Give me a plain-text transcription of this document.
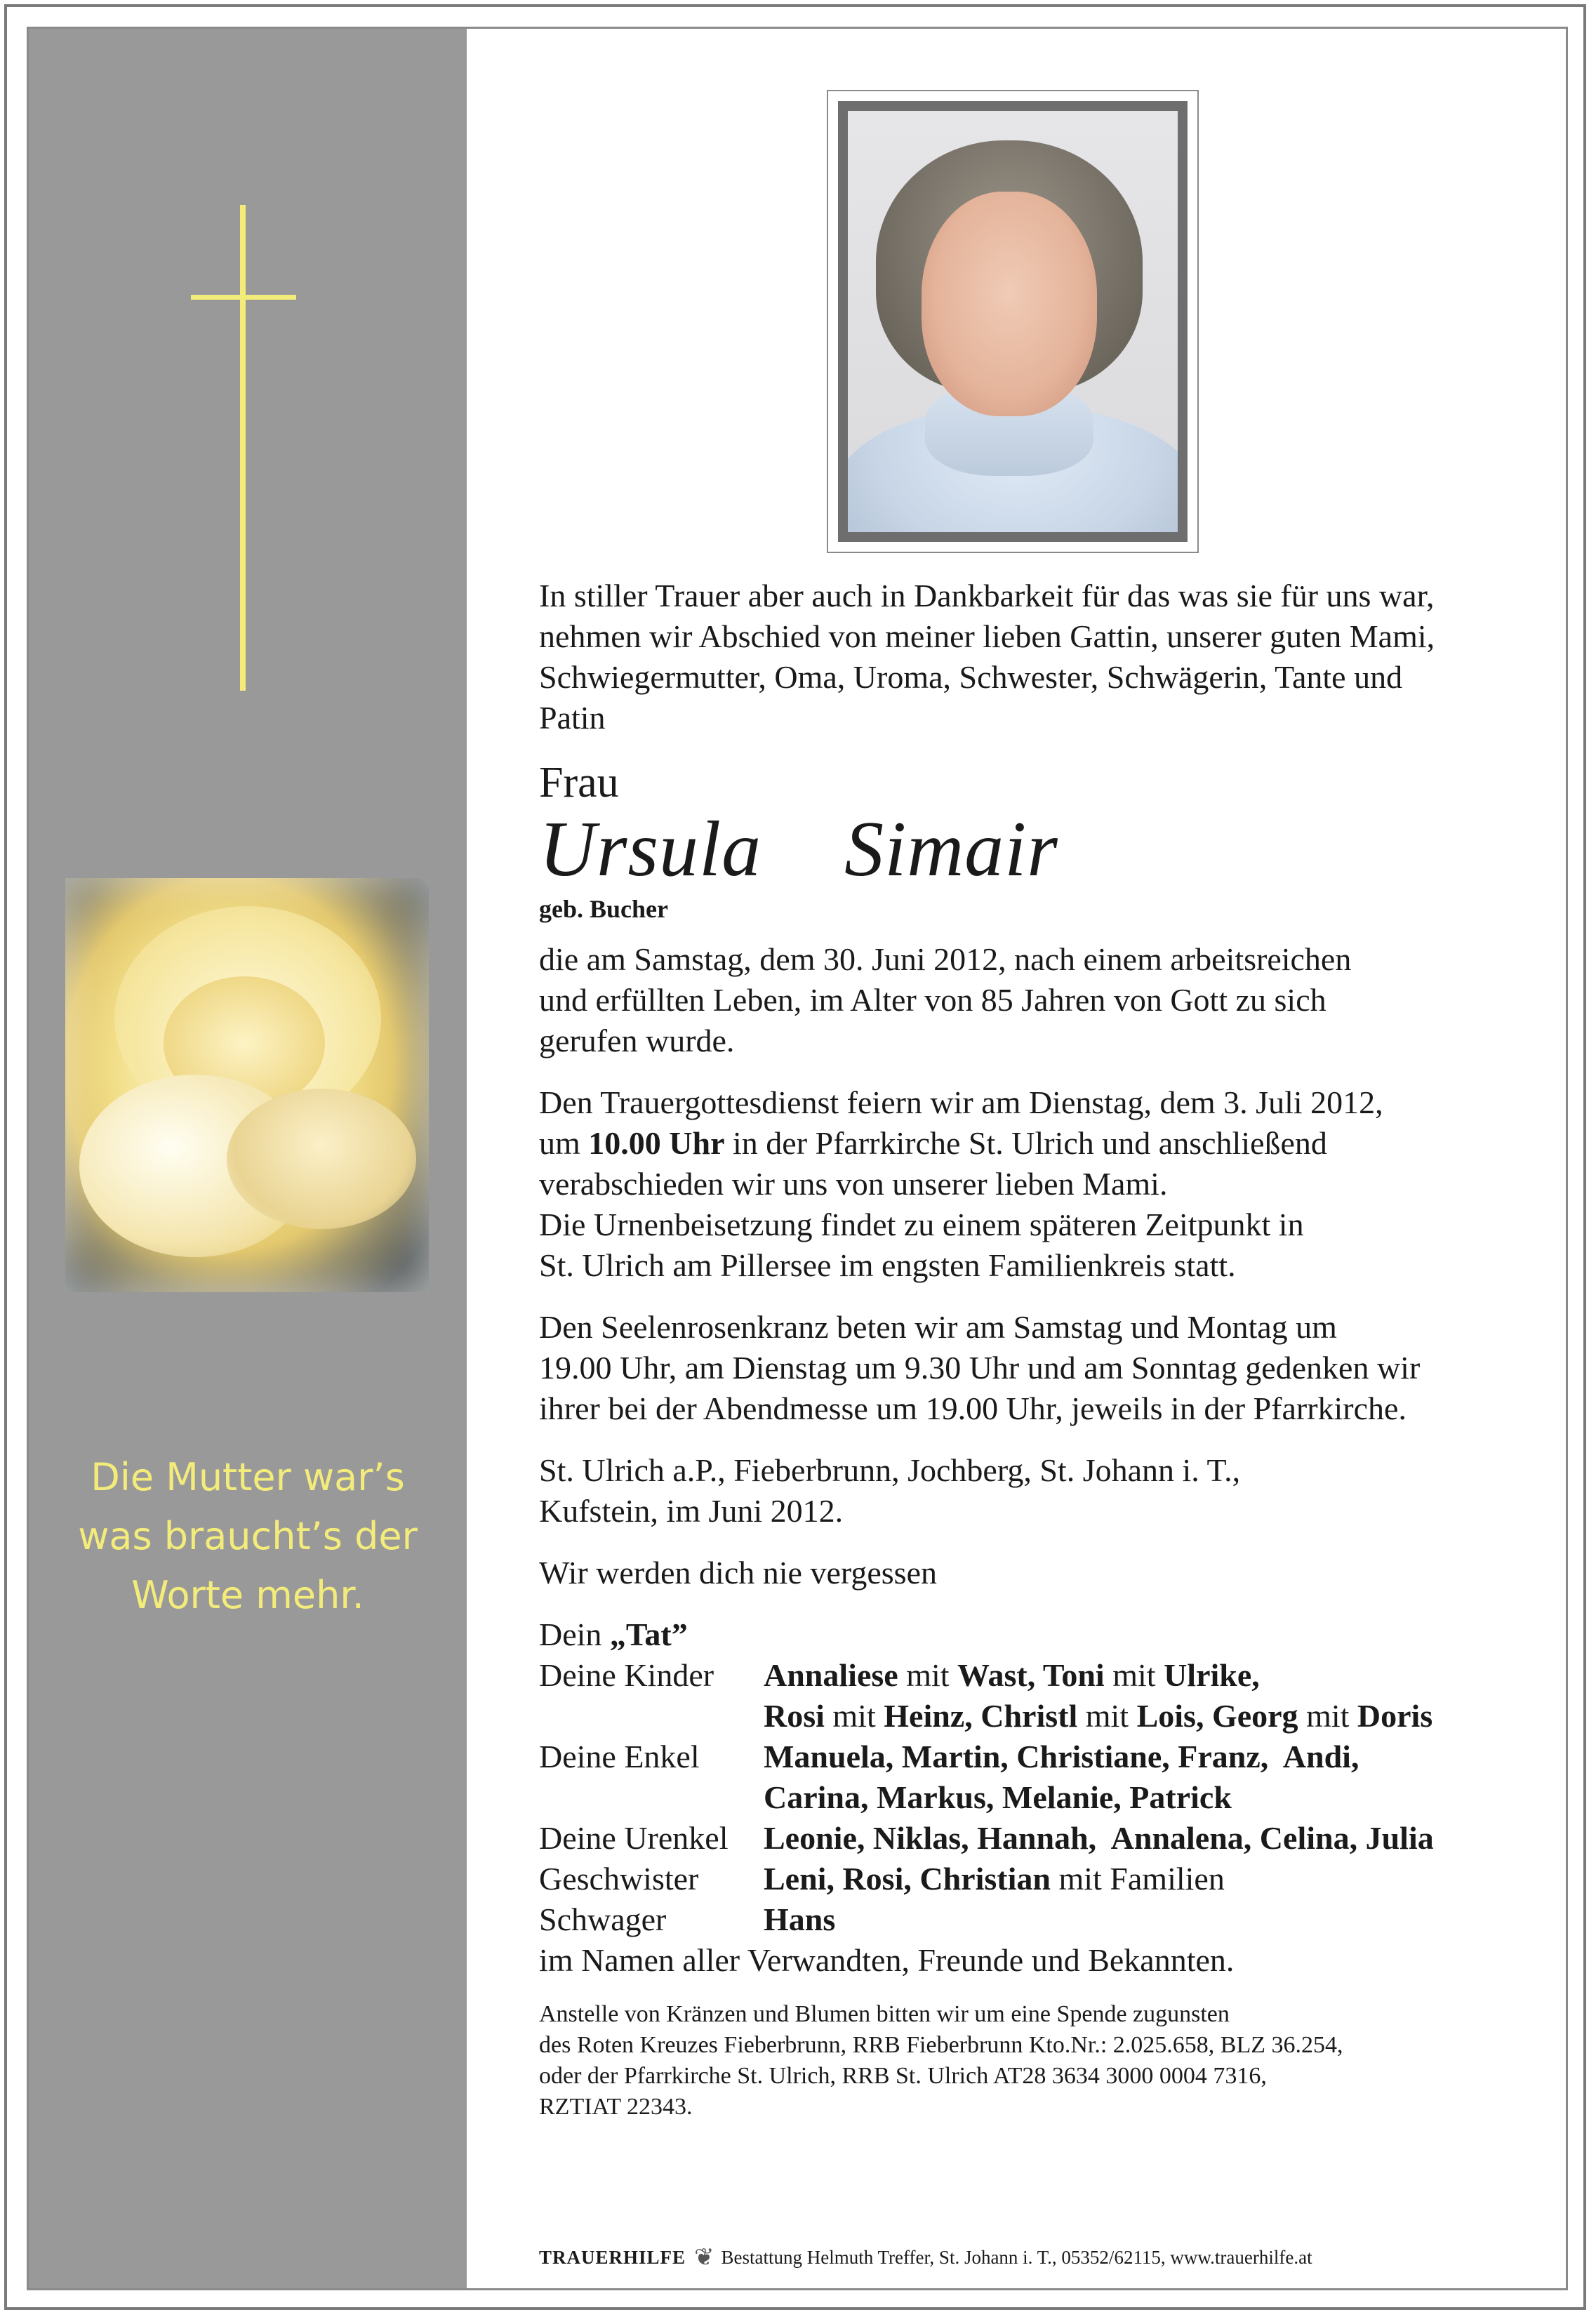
Die Mutter war’s
was braucht’s der
Worte mehr.
In stiller Trauer aber auch in Dankbarkeit für das was sie für uns war,
nehmen wir Abschied von meiner lieben Gattin, unserer guten Mami,
Schwiegermutter, Oma, Uroma, Schwester, Schwägerin, Tante und
Patin
Frau
Ursula  Simair
geb. Bucher
die am Samstag, dem 30. Juni 2012, nach einem arbeitsreichen
und erfüllten Leben, im Alter von 85 Jahren von Gott zu sich
gerufen wurde.
Den Trauergottesdienst feiern wir am Dienstag, dem 3. Juli 2012,
um 10.00 Uhr in der Pfarrkirche St. Ulrich und anschließend
verabschieden wir uns von unserer lieben Mami.
Die Urnenbeisetzung findet zu einem späteren Zeitpunkt in
St. Ulrich am Pillersee im engsten Familienkreis statt.
Den Seelenrosenkranz beten wir am Samstag und Montag um
19.00 Uhr, am Dienstag um 9.30 Uhr und am Sonntag gedenken wir
ihrer bei der Abendmesse um 19.00 Uhr, jeweils in der Pfarrkirche.
St. Ulrich a.P., Fieberbrunn, Jochberg, St. Johann i. T.,
Kufstein, im Juni 2012.
Wir werden dich nie vergessen
Dein „Tat”
Deine Kinder	Annaliese mit Wast, Toni mit Ulrike,
Rosi mit Heinz, Christl mit Lois, Georg mit Doris
Deine Enkel	Manuela, Martin, Christiane, Franz,  Andi,
Carina, Markus, Melanie, Patrick
Deine Urenkel	Leonie, Niklas, Hannah,  Annalena, Celina, Julia
Geschwister	Leni, Rosi, Christian mit Familien
Schwager	Hans
im Namen aller Verwandten, Freunde und Bekannten.
Anstelle von Kränzen und Blumen bitten wir um eine Spende zugunsten
des Roten Kreuzes Fieberbrunn, RRB Fieberbrunn Kto.Nr.: 2.025.658, BLZ 36.254,
oder der Pfarrkirche St. Ulrich, RRB St. Ulrich AT28 3634 3000 0004 7316,
RZTIAT 22343.
TRAUERHILFE ❦ Bestattung Helmuth Treffer, St. Johann i. T., 05352/62115, www.trauerhilfe.at
